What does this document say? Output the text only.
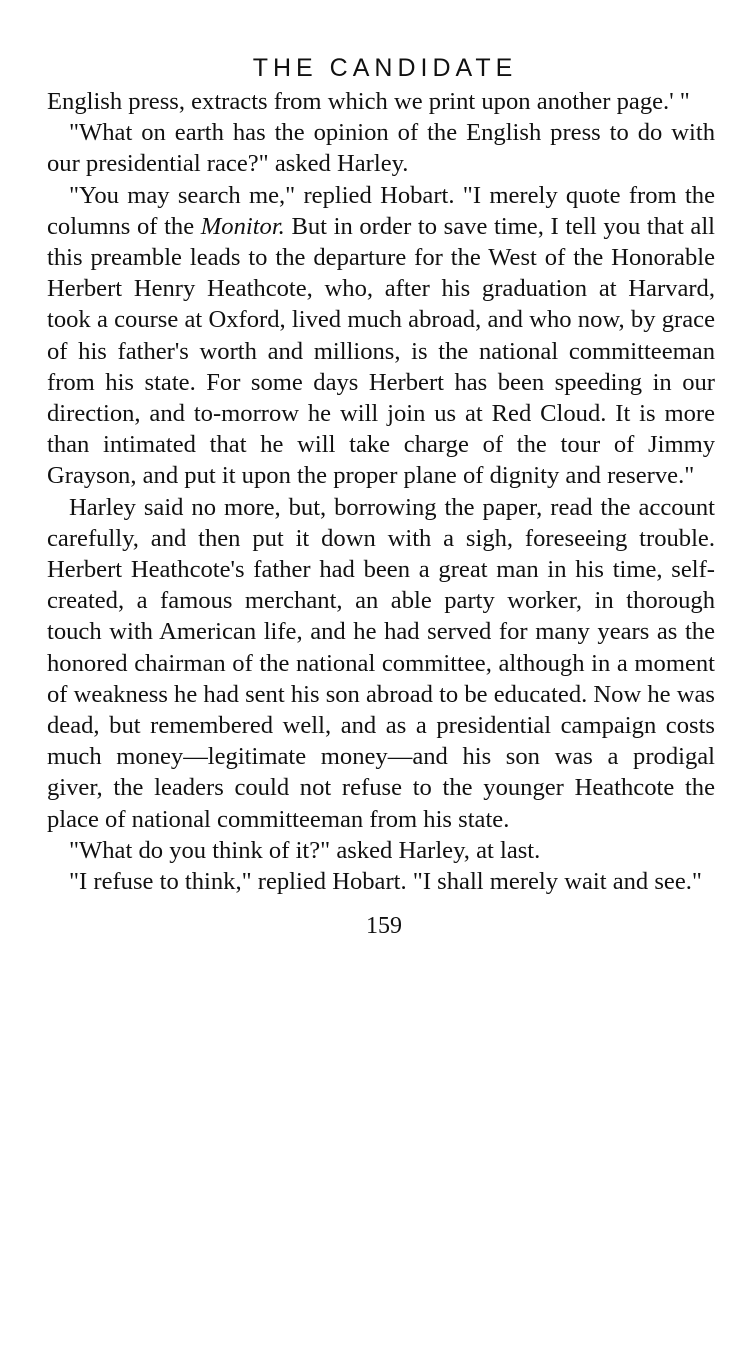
THE CANDIDATE

English press, extracts from which we print upon another page.' "

"What on earth has the opinion of the English press to do with our presidential race?" asked Harley.

"You may search me," replied Hobart. "I merely quote from the columns of the Monitor. But in order to save time, I tell you that all this preamble leads to the departure for the West of the Honorable Herbert Henry Heathcote, who, after his graduation at Harvard, took a course at Oxford, lived much abroad, and who now, by grace of his father's worth and millions, is the national committeeman from his state. For some days Herbert has been speeding in our direction, and to-morrow he will join us at Red Cloud. It is more than intimated that he will take charge of the tour of Jimmy Grayson, and put it upon the proper plane of dignity and reserve."

Harley said no more, but, borrowing the paper, read the account carefully, and then put it down with a sigh, foreseeing trouble. Herbert Heathcote's father had been a great man in his time, self-created, a famous merchant, an able party worker, in thorough touch with American life, and he had served for many years as the honored chairman of the national committee, although in a moment of weakness he had sent his son abroad to be educated. Now he was dead, but remembered well, and as a presidential campaign costs much money—legitimate money—and his son was a prodigal giver, the leaders could not refuse to the younger Heathcote the place of national committeeman from his state.

"What do you think of it?" asked Harley, at last.

"I refuse to think," replied Hobart. "I shall merely wait and see."

159
